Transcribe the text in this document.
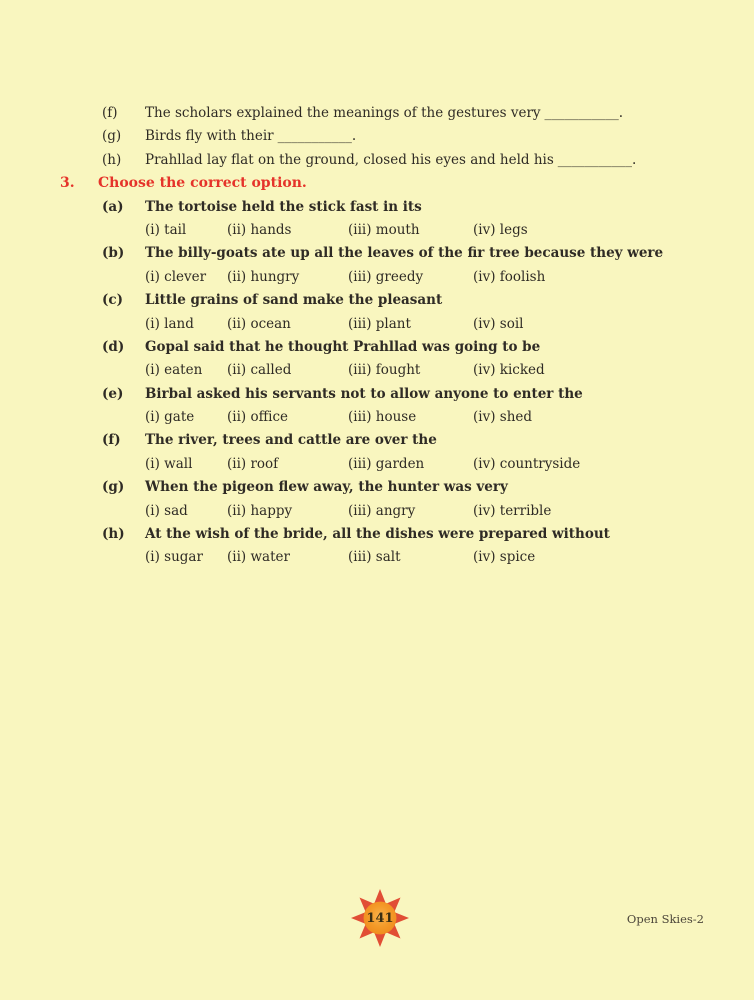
(f) The scholars explained the meanings of the gestures very ___________.
(g) Birds fly with their ___________.
(h) Prahllad lay flat on the ground, closed his eyes and held his ___________.
3. Choose the correct option.
(a) The tortoise held the stick fast in its
(i) tail	(ii) hands	(iii) mouth	(iv) legs
(b) The billy-goats ate up all the leaves of the fir tree because they were
(i) clever	(ii) hungry	(iii) greedy	(iv) foolish
(c) Little grains of sand make the pleasant
(i) land	(ii) ocean	(iii) plant	(iv) soil
(d) Gopal said that he thought Prahllad was going to be
(i) eaten	(ii) called	(iii) fought	(iv) kicked
(e) Birbal asked his servants not to allow anyone to enter the
(i) gate	(ii) office	(iii) house	(iv) shed
(f) The river, trees and cattle are over the
(i) wall	(ii) roof	(iii) garden	(iv) countryside
(g) When the pigeon flew away, the hunter was very
(i) sad	(ii) happy	(iii) angry	(iv) terrible
(h) At the wish of the bride, all the dishes were prepared without
(i) sugar	(ii) water	(iii) salt	(iv) spice
141	Open Skies-2
